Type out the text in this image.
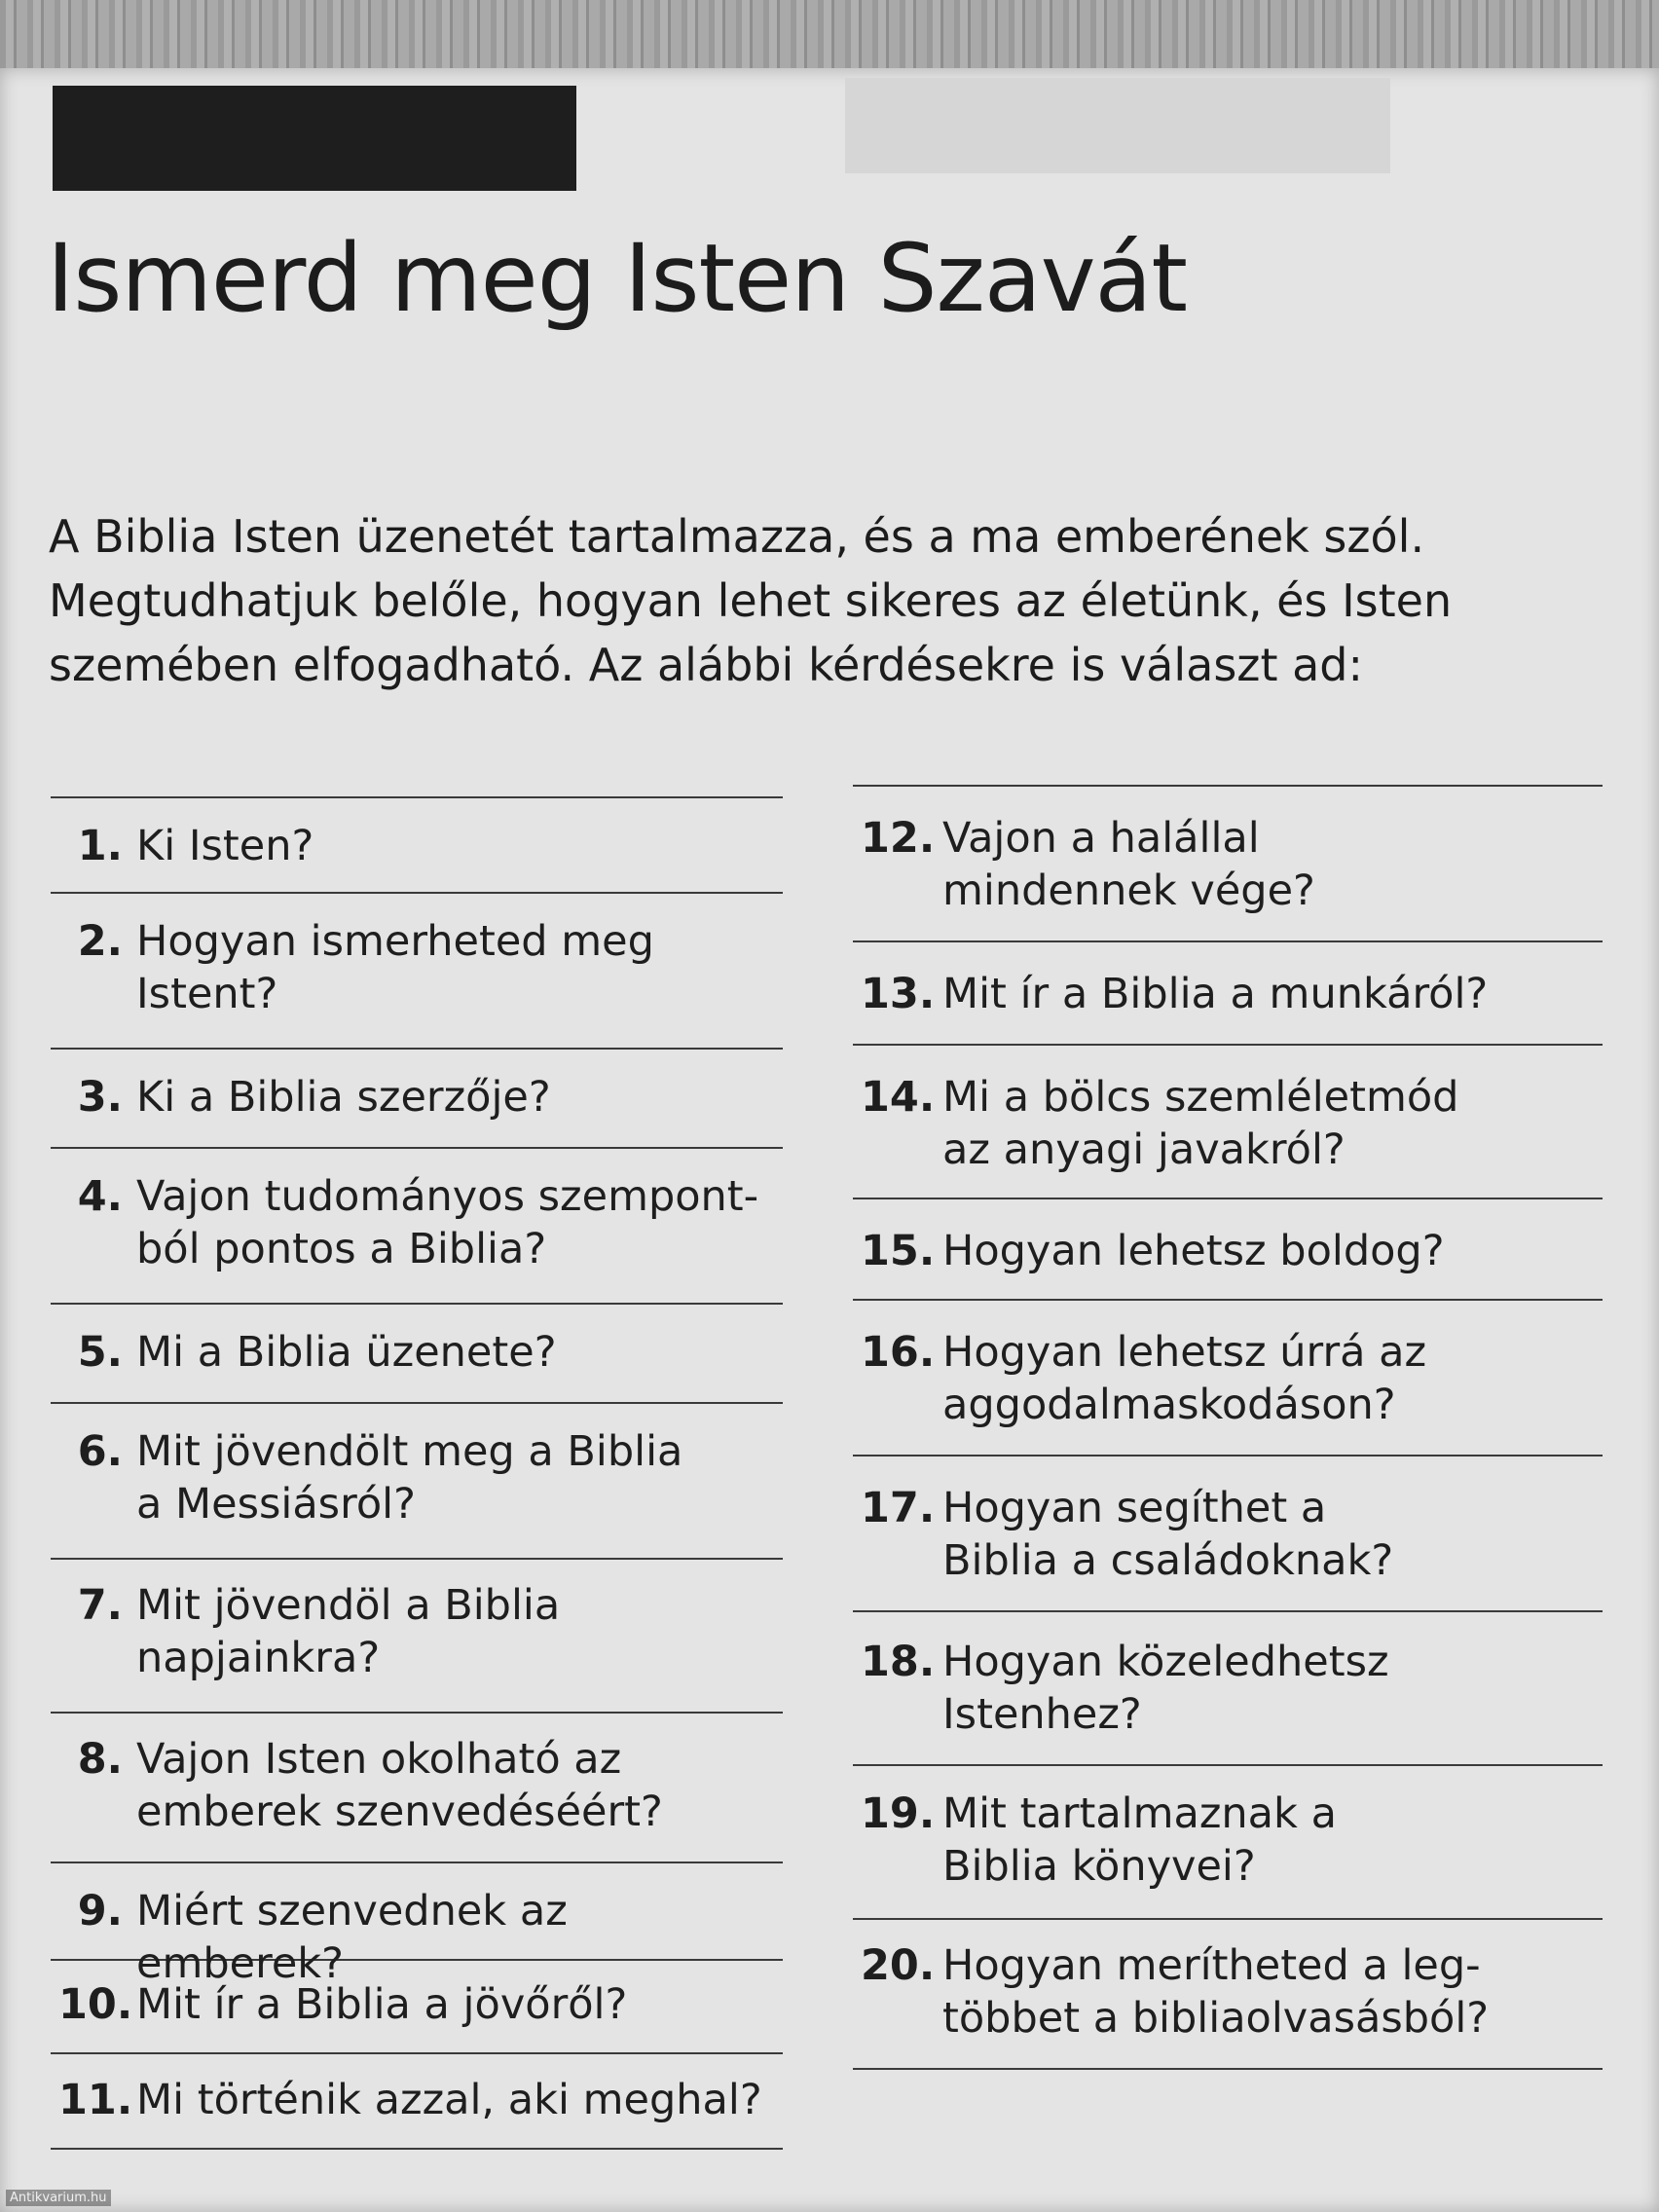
Ismerd meg Isten Szavát

A Biblia Isten üzenetét tartalmazza, és a ma emberének szól. Megtudhatjuk belőle, hogyan lehet sikeres az életünk, és Isten szemében elfogadható. Az alábbi kérdésekre is választ ad:

1. Ki Isten?
2. Hogyan ismerheted meg Istent?
3. Ki a Biblia szerzője?
4. Vajon tudományos szempont-ból pontos a Biblia?
5. Mi a Biblia üzenete?
6. Mit jövendölt meg a Biblia a Messiásról?
7. Mit jövendöl a Biblia napjainkra?
8. Vajon Isten okolható az emberek szenvedéséért?
9. Miért szenvednek az emberek?
10. Mit ír a Biblia a jövőről?
11. Mi történik azzal, aki meghal?
12. Vajon a halállal mindennek vége?
13. Mit ír a Biblia a munkáról?
14. Mi a bölcs szemléletmód az anyagi javakról?
15. Hogyan lehetsz boldog?
16. Hogyan lehetsz úrrá az aggodalmaskodáson?
17. Hogyan segíthet a Biblia a családoknak?
18. Hogyan közeledhetsz Istenhez?
19. Mit tartalmaznak a Biblia könyvei?
20. Hogyan merítheted a leg-többet a bibliaolvasásból?
Antikvarium.hu
